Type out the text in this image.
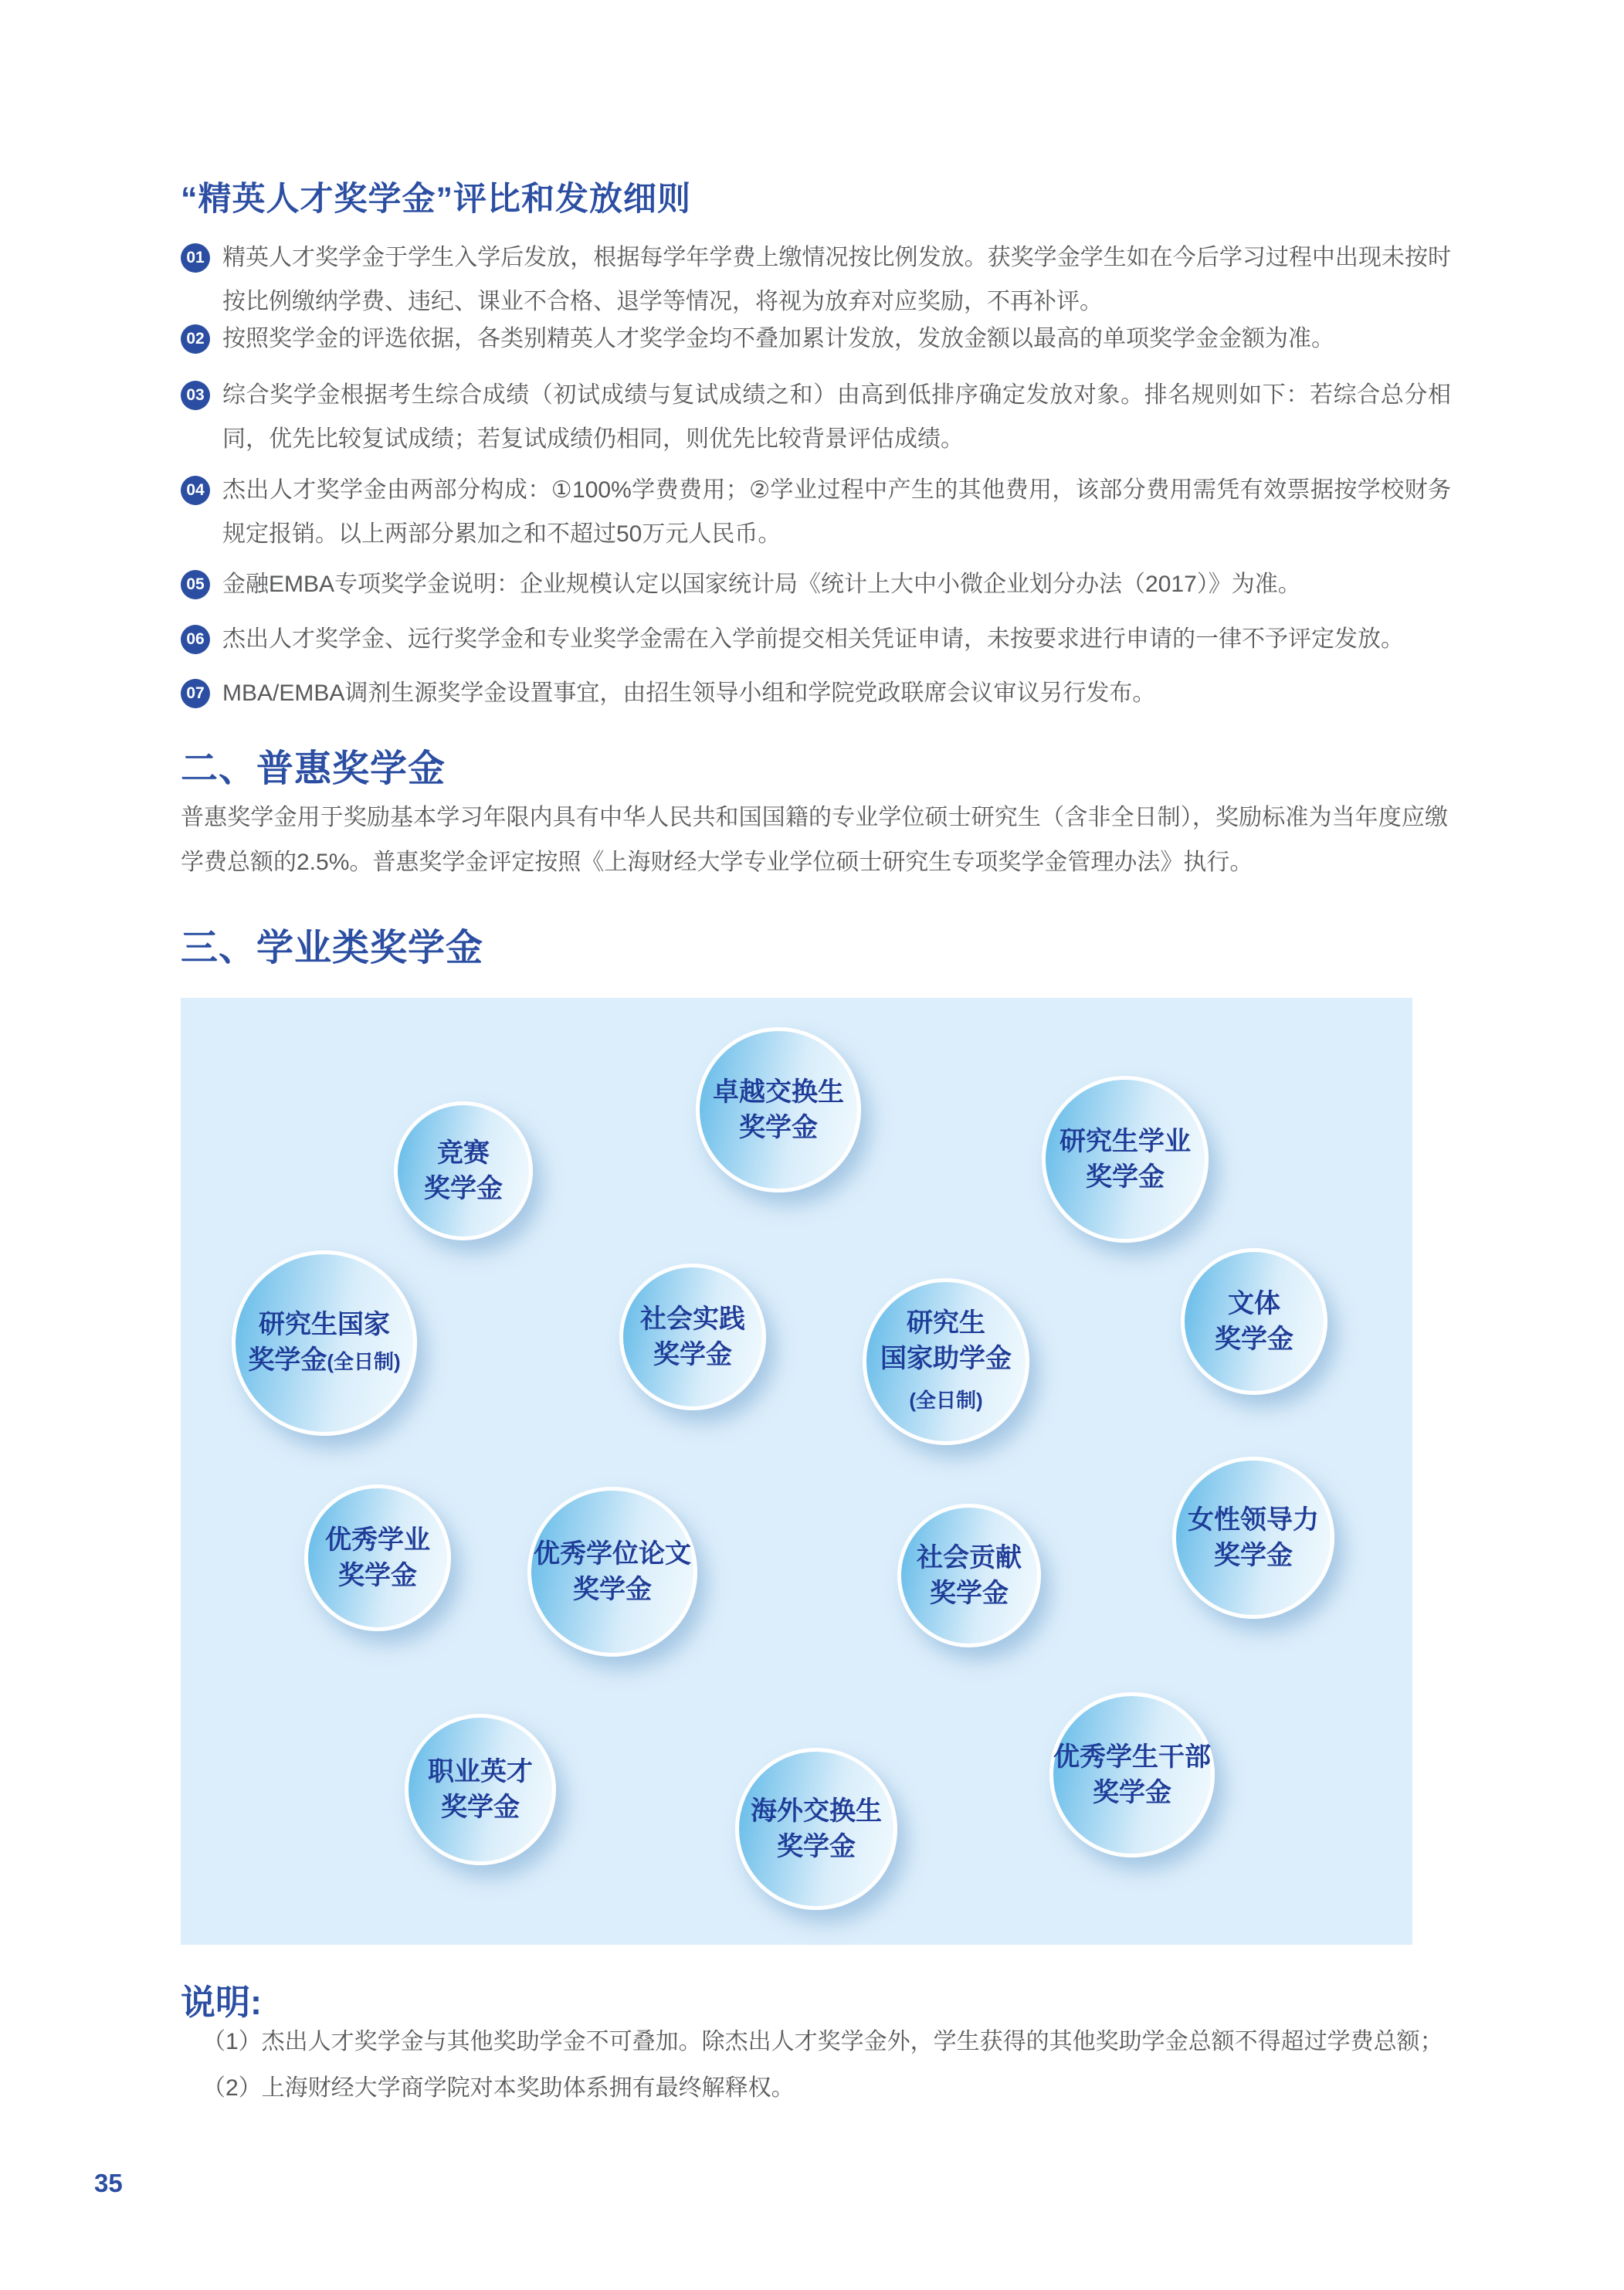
“精英人才奖学金”评比和发放细则
01 精英人才奖学金于学生入学后发放，根据每学年学费上缴情况按比例发放。获奖学金学生如在今后学习过程中出现未按时按比例缴纳学费、违纪、课业不合格、退学等情况，将视为放弃对应奖励，不再补评。
02 按照奖学金的评选依据，各类别精英人才奖学金均不叠加累计发放，发放金额以最高的单项奖学金金额为准。
03 综合奖学金根据考生综合成绩（初试成绩与复试成绩之和）由高到低排序确定发放对象。排名规则如下：若综合总分相同，优先比较复试成绩；若复试成绩仍相同，则优先比较背景评估成绩。
04 杰出人才奖学金由两部分构成：①100%学费费用；②学业过程中产生的其他费用，该部分费用需凭有效票据按学校财务规定报销。以上两部分累加之和不超过50万元人民币。
05 金融EMBA专项奖学金说明：企业规模认定以国家统计局《统计上大中小微企业划分办法（2017）》为准。
06 杰出人才奖学金、远行奖学金和专业奖学金需在入学前提交相关凭证申请，未按要求进行申请的一律不予评定发放。
07 MBA/EMBA调剂生源奖学金设置事宜，由招生领导小组和学院党政联席会议审议另行发布。
二、普惠奖学金
普惠奖学金用于奖励基本学习年限内具有中华人民共和国国籍的专业学位硕士研究生（含非全日制），奖励标准为当年度应缴学费总额的2.5%。普惠奖学金评定按照《上海财经大学专业学位硕士研究生专项奖学金管理办法》执行。
三、学业类奖学金
竞赛
奖学金
卓越交换生
奖学金	研究生学业
奖学金
研究生国家
奖学金(全日制)
社会实践
奖学金
研究生
国家助学金
(全日制)
文体
奖学金
优秀学业
奖学金
优秀学位论文
奖学金
社会贡献
奖学金
女性领导力
奖学金
职业英才
奖学金	海外交换生
奖学金
优秀学生干部
奖学金
说明:
（1）杰出人才奖学金与其他奖助学金不可叠加。除杰出人才奖学金外，学生获得的其他奖助学金总额不得超过学费总额；
（2）上海财经大学商学院对本奖助体系拥有最终解释权。
35
